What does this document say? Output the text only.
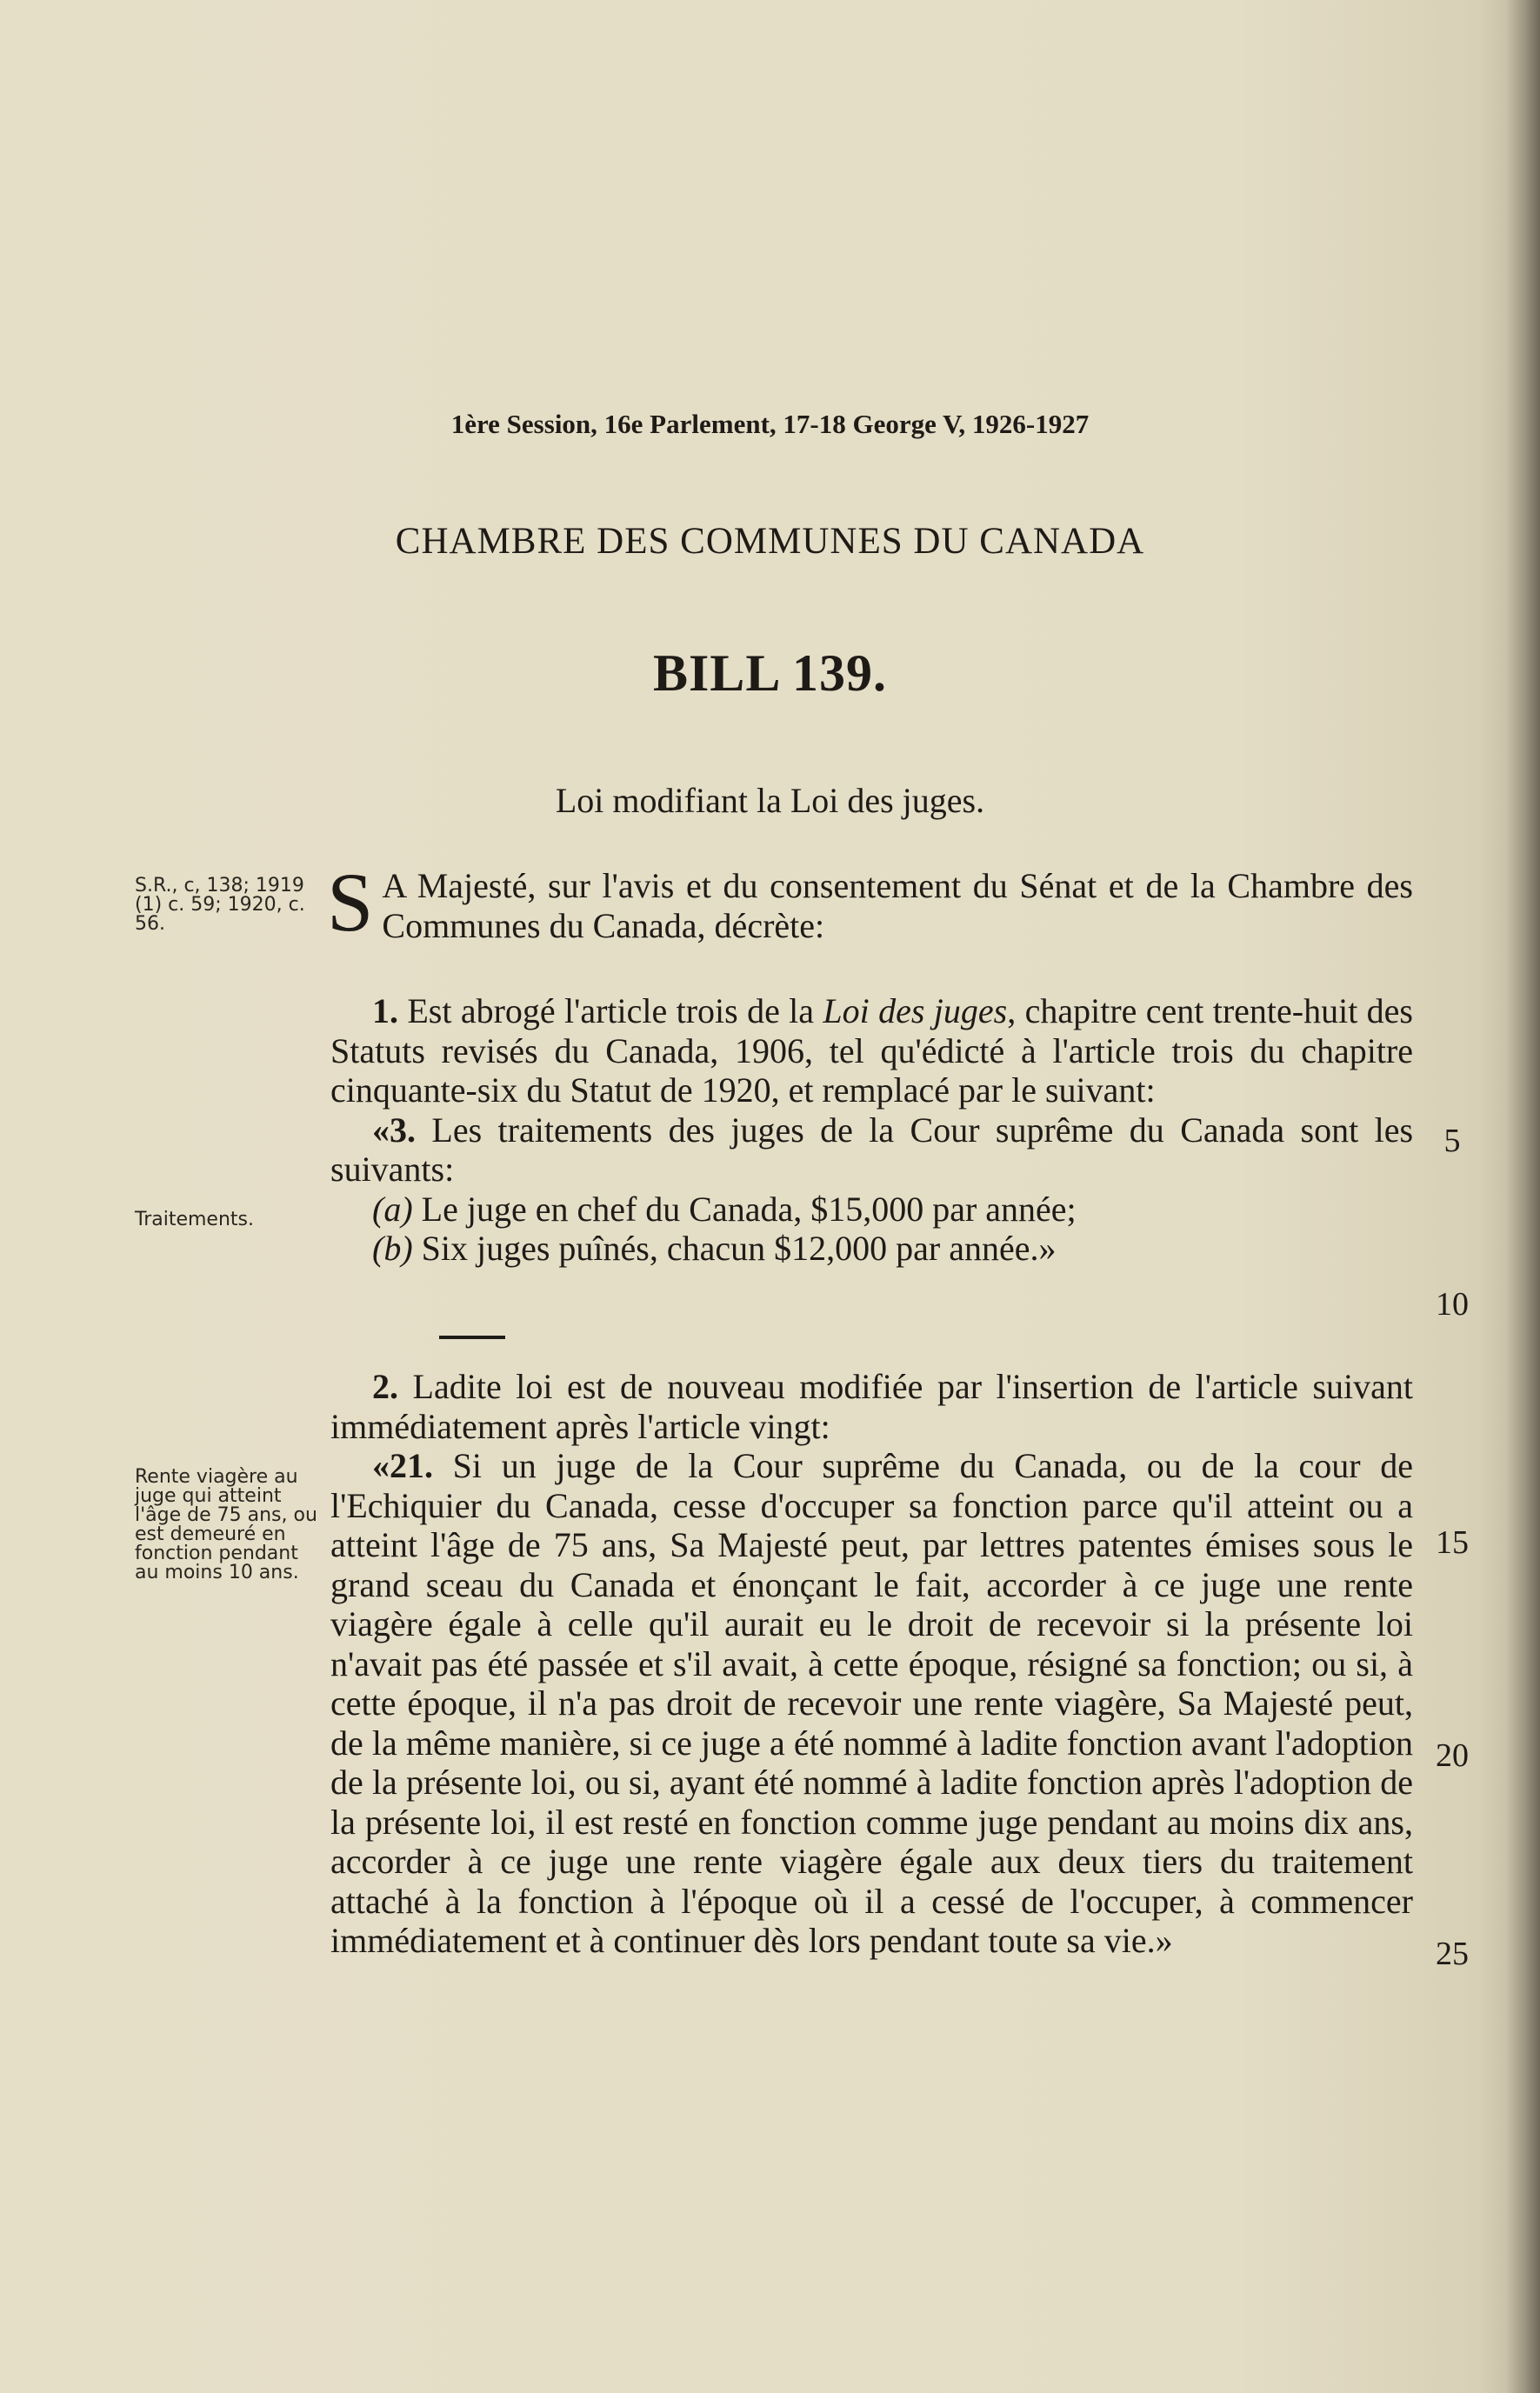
1ère Session, 16e Parlement, 17-18 George V, 1926-1927
CHAMBRE DES COMMUNES DU CANADA
BILL 139.
Loi modifiant la Loi des juges.
S.R., c, 138; 1919 (1) c. 59; 1920, c. 56.
Traitements.
Rente viagère au juge qui atteint l'âge de 75 ans, ou est demeuré en fonction pendant au moins 10 ans.

S A Majesté, sur l'avis et du consentement du Sénat et de la Chambre des Communes du Canada, décrète:

1. Est abrogé l'article trois de la Loi des juges, chapitre cent trente-huit des Statuts revisés du Canada, 1906, tel qu'édicté à l'article trois du chapitre cinquante-six du Statut de 1920, et remplacé par le suivant:

«3. Les traitements des juges de la Cour suprême du Canada sont les suivants:

(a) Le juge en chef du Canada, $15,000 par année;

(b) Six juges puînés, chacun $12,000 par année.»

2. Ladite loi est de nouveau modifiée par l'insertion de l'article suivant immédiatement après l'article vingt:

«21. Si un juge de la Cour suprême du Canada, ou de la cour de l'Echiquier du Canada, cesse d'occuper sa fonction parce qu'il atteint ou a atteint l'âge de 75 ans, Sa Majesté peut, par lettres patentes émises sous le grand sceau du Canada et énonçant le fait, accorder à ce juge une rente viagère égale à celle qu'il aurait eu le droit de recevoir si la présente loi n'avait pas été passée et s'il avait, à cette époque, résigné sa fonction; ou si, à cette époque, il n'a pas droit de recevoir une rente viagère, Sa Majesté peut, de la même manière, si ce juge a été nommé à ladite fonction avant l'adoption de la présente loi, ou si, ayant été nommé à ladite fonction après l'adoption de la présente loi, il est resté en fonction comme juge pendant au moins dix ans, accorder à ce juge une rente viagère égale aux deux tiers du traitement attaché à la fonction à l'époque où il a cessé de l'occuper, à commencer immédiatement et à continuer dès lors pendant toute sa vie.»

5
10
15
20
25
